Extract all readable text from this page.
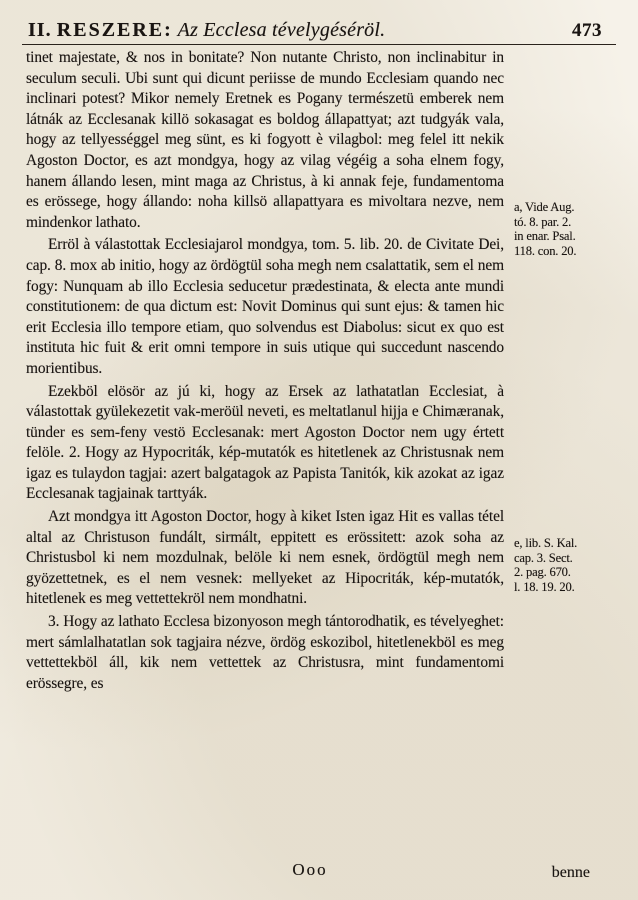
II. RESZERE: Az Ecclesa tévelygéséröl.	473

tinet majestate, & nos in bonitate? Non nutante Christo, non inclinabitur in seculum seculi. Ubi sunt qui dicunt periisse de mundo Ecclesiam quando nec inclinari potest? Mikor nemely Eretnek es Pogany természetü emberek nem látnák az Ecclesanak killö sokasagat es boldog állapattyat; azt tudgyák vala, hogy az tellyességgel meg sünt, es ki fogyott è vilagbol: meg felel itt nekik Agoston Doctor, es azt mondgya, hogy az vilag végéig a soha elnem fogy, hanem állando lesen, mint maga az Christus, à ki annak feje, fundamentoma es erössege, hogy állando: noha killsö allapattyara es mivoltara nezve, nem mindenkor lathato.

Erröl à válastottak Ecclesiajarol mondgya, tom. 5. lib. 20. de Civitate Dei, cap. 8. mox ab initio, hogy az ördögtül soha megh nem csalattatik, sem el nem fogy: Nunquam ab illo Ecclesia seducetur prædestinata, & electa ante mundi constitutionem: de qua dictum est: Novit Dominus qui sunt ejus: & tamen hic erit Ecclesia illo tempore etiam, quo solvendus est Diabolus: sicut ex quo est instituta hic fuit & erit omni tempore in suis utique qui succedunt nascendo morientibus.

Ezekböl elösör az jú ki, hogy az Ersek az lathatatlan Ecclesiat, à válastottak gyülekezetit vak-meröül neveti, es meltatlanul hijja e Chimæranak, tünder es sem-feny vestö Ecclesanak: mert Agoston Doctor nem ugy értett felöle. 2. Hogy az Hypocriták, kép-mutatók es hitetlenek az Christusnak nem igaz es tulaydon tagjai: azert balgatagok az Papista Tanitók, kik azokat az igaz Ecclesanak tagjainak tarttyák.

Azt mondgya itt Agoston Doctor, hogy à kiket Isten igaz Hit es vallas tétel altal az Christuson fundált, sirmált, eppitett es erössitett: azok soha az Christusbol ki nem mozdulnak, belöle ki nem esnek, ördögtül megh nem gyözettetnek, es el nem vesnek: mellyeket az Hipocriták, kép-mutatók, hitetlenek es meg vettettekröl nem mondhatni.

3. Hogy az lathato Ecclesa bizonyoson megh tántorodhatik, es tévelyeghet: mert sámlalhatatlan sok tagjaira nézve, ördög eskozibol, hitetlenekböl es meg vettettekböl áll, kik nem vettettek az Christusra, mint fundamentomi erössegre, es

a, Vide Aug.
tó. 8. par. 2.
in enar. Psal.
118. con. 20.
e, lib. S. Kal.
cap. 3. Sect.
2. pag. 670.
l. 18. 19. 20.
Ooo	benne
